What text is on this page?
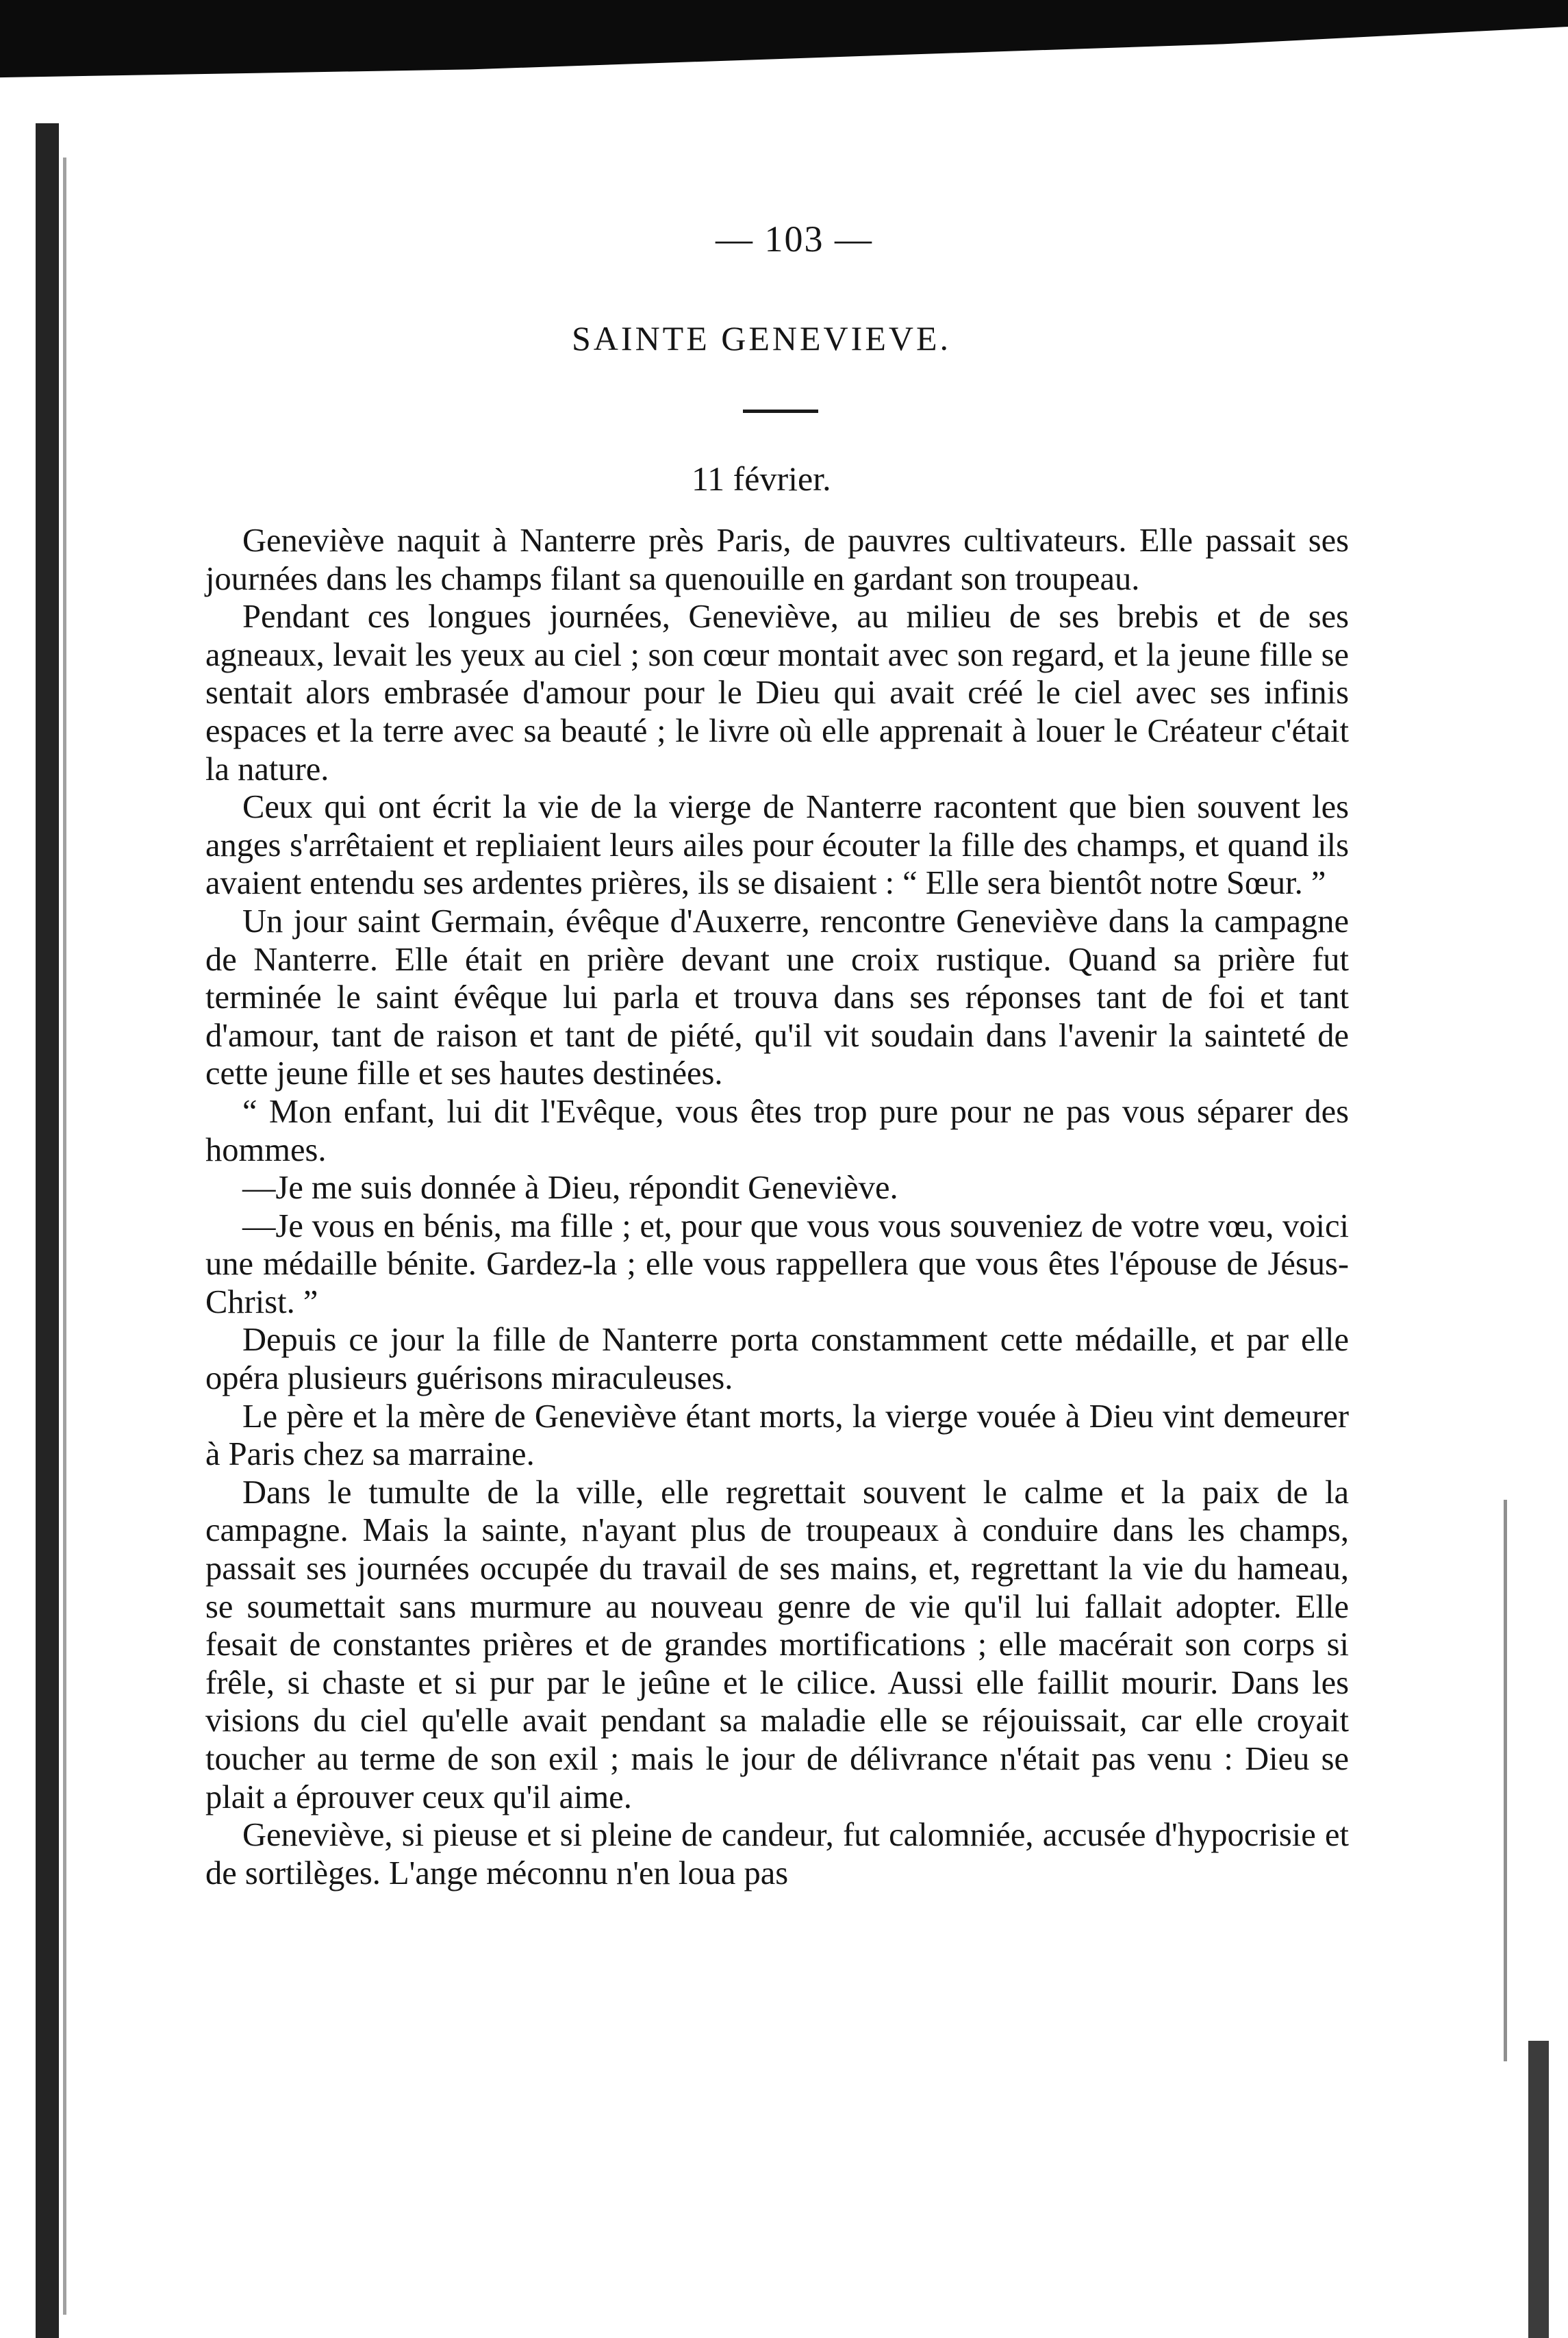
— 103 —
SAINTE GENEVIEVE.
11 février.

Geneviève naquit à Nanterre près Paris, de pauvres cultivateurs. Elle passait ses journées dans les champs filant sa quenouille en gardant son troupeau.

Pendant ces longues journées, Geneviève, au milieu de ses brebis et de ses agneaux, levait les yeux au ciel ; son cœur montait avec son regard, et la jeune fille se sentait alors embrasée d'amour pour le Dieu qui avait créé le ciel avec ses infinis espaces et la terre avec sa beauté ; le livre où elle apprenait à louer le Créateur c'était la nature.

Ceux qui ont écrit la vie de la vierge de Nanterre racontent que bien souvent les anges s'arrêtaient et repliaient leurs ailes pour écouter la fille des champs, et quand ils avaient entendu ses ardentes prières, ils se disaient : “ Elle sera bientôt notre Sœur. ”

Un jour saint Germain, évêque d'Auxerre, rencontre Geneviève dans la campagne de Nanterre. Elle était en prière devant une croix rustique. Quand sa prière fut terminée le saint évêque lui parla et trouva dans ses réponses tant de foi et tant d'amour, tant de raison et tant de piété, qu'il vit soudain dans l'avenir la sainteté de cette jeune fille et ses hautes destinées.

“ Mon enfant, lui dit l'Evêque, vous êtes trop pure pour ne pas vous séparer des hommes.

—Je me suis donnée à Dieu, répondit Geneviève.

—Je vous en bénis, ma fille ; et, pour que vous vous souveniez de votre vœu, voici une médaille bénite. Gardez-la ; elle vous rappellera que vous êtes l'épouse de Jésus-Christ. ”

Depuis ce jour la fille de Nanterre porta constamment cette médaille, et par elle opéra plusieurs guérisons miraculeuses.

Le père et la mère de Geneviève étant morts, la vierge vouée à Dieu vint demeurer à Paris chez sa marraine.

Dans le tumulte de la ville, elle regrettait souvent le calme et la paix de la campagne. Mais la sainte, n'ayant plus de troupeaux à conduire dans les champs, passait ses journées occupée du travail de ses mains, et, regrettant la vie du hameau, se soumettait sans murmure au nouveau genre de vie qu'il lui fallait adopter. Elle fesait de constantes prières et de grandes mortifications ; elle macérait son corps si frêle, si chaste et si pur par le jeûne et le cilice. Aussi elle faillit mourir. Dans les visions du ciel qu'elle avait pendant sa maladie elle se réjouissait, car elle croyait toucher au terme de son exil ; mais le jour de délivrance n'était pas venu : Dieu se plait a éprouver ceux qu'il aime.

Geneviève, si pieuse et si pleine de candeur, fut calomniée, accusée d'hypocrisie et de sortilèges. L'ange méconnu n'en loua pas
